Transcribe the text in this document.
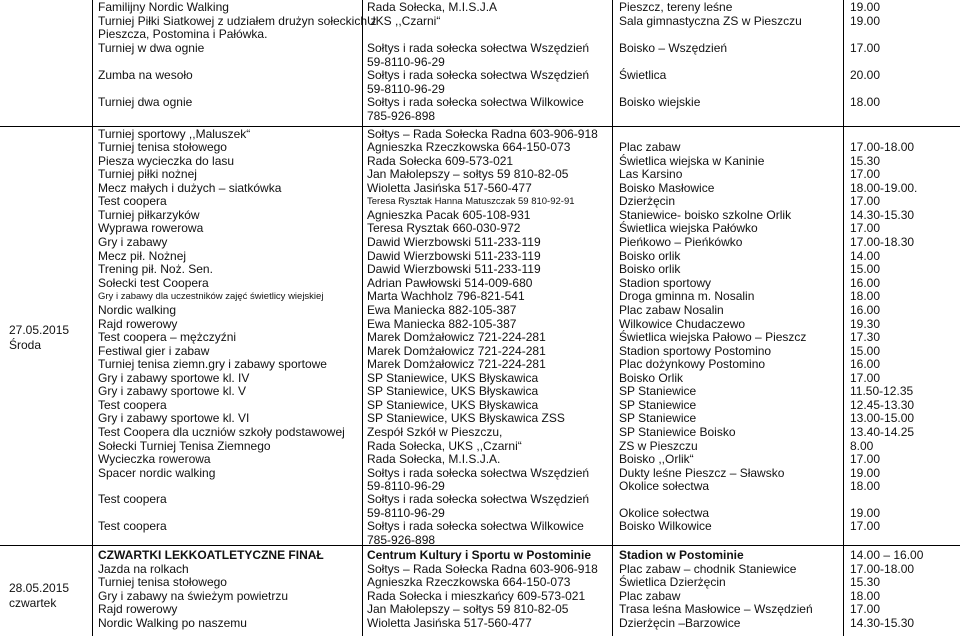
27.05.2015
Środa
28.05.2015
czwartek
Familijny Nordic Walking
Turniej Piłki Siatkowej z udziałem drużyn sołeckich z
Pieszcza, Postomina i Pałówka.
Turniej w dwa ognie
Zumba na wesoło
Turniej dwa ognie
Rada Sołecka, M.I.S.J.A
UKS ,,Czarni“
Sołtys i rada sołecka sołectwa Wszędzień
59-8110-96-29
Sołtys i rada sołecka sołectwa Wszędzień
59-8110-96-29
Sołtys i rada sołecka sołectwa Wilkowice
785-926-898
Pieszcz, tereny leśne
Sala gimnastyczna ZS w Pieszczu
Boisko – Wszędzień
Świetlica
Boisko wiejskie
19.00
19.00
17.00
20.00
18.00
Turniej sportowy ,,Maluszek“
Turniej tenisa stołowego
Piesza wycieczka do lasu
Turniej piłki nożnej
Mecz małych i dużych – siatkówka
Test coopera
Turniej piłkarzyków
Wyprawa rowerowa
Gry i zabawy
Mecz pił. Nożnej
Trening pił. Noż. Sen.
Sołecki test Coopera
Gry i zabawy dla uczestników zajęć świetlicy wiejskiej
Nordic walking
Rajd rowerowy
Test coopera – mężczyźni
Festiwal gier i zabaw
Turniej tenisa ziemn.gry i zabawy sportowe
Gry i zabawy sportowe kl. IV
Gry i zabawy sportowe kl. V
Test coopera
Gry i zabawy sportowe kl. VI
Test Coopera dla uczniów szkoły podstawowej
Sołecki Turniej Tenisa Ziemnego
Wycieczka rowerowa
Spacer nordic walking
Test coopera
Test coopera
Sołtys – Rada Sołecka Radna 603-906-918
Agnieszka Rzeczkowska 664-150-073
Rada Sołecka 609-573-021
Jan Małolepszy – sołtys 59 810-82-05
Wioletta Jasińska 517-560-477
Teresa Rysztak Hanna Matuszczak 59 810-92-91
Agnieszka Pacak 605-108-931
Teresa Rysztak 660-030-972
Dawid Wierzbowski 511-233-119
Dawid Wierzbowski 511-233-119
Dawid Wierzbowski 511-233-119
Adrian Pawłowski 514-009-680
Marta Wachholz 796-821-541
Ewa Maniecka 882-105-387
Ewa Maniecka 882-105-387
Marek Domżałowicz 721-224-281
Marek Domżałowicz 721-224-281
Marek Domżałowicz 721-224-281
SP Staniewice, UKS Błyskawica
SP Staniewice, UKS Błyskawica
SP Staniewice, UKS Błyskawica
SP Staniewice, UKS Błyskawica ZSS
Zespół Szkół w Pieszczu,
Rada Sołecka, UKS ,,Czarni“
Rada Sołecka, M.I.S.J.A.
Sołtys i rada sołecka sołectwa Wszędzień
59-8110-96-29
Sołtys i rada sołecka sołectwa Wszędzień
59-8110-96-29
Sołtys i rada sołecka sołectwa Wilkowice
785-926-898
Plac zabaw
Świetlica wiejska w Kaninie
Las Karsino
Boisko Masłowice
Dzierżęcin
Staniewice- boisko szkolne Orlik
Świetlica wiejska Pałówko
Pieńkowo – Pieńkówko
Boisko orlik
Boisko orlik
Stadion sportowy
Droga gminna m. Nosalin
Plac zabaw Nosalin
Wilkowice Chudaczewo
Świetlica wiejska Pałowo – Pieszcz
Stadion sportowy Postomino
Plac dożynkowy Postomino
Boisko Orlik
SP Staniewice
SP Staniewice
SP Staniewice
SP Staniewice Boisko
ZS w Pieszczu
Boisko ,,Orlik“
Dukty leśne Pieszcz – Sławsko
Okolice sołectwa
Okolice sołectwa
Boisko Wilkowice
17.00-18.00
15.30
17.00
18.00-19.00.
17.00
14.30-15.30
17.00
17.00-18.30
14.00
15.00
16.00
18.00
16.00
19.30
17.30
15.00
16.00
17.00
11.50-12.35
12.45-13.30
13.00-15.00
13.40-14.25
8.00
17.00
19.00
18.00
19.00
17.00
CZWARTKI LEKKOATLETYCZNE FINAŁ
Jazda na rolkach
Turniej tenisa stołowego
Gry i zabawy na świeżym powietrzu
Rajd rowerowy
Nordic Walking po naszemu
Centrum Kultury i Sportu w Postominie
Sołtys – Rada Sołecka Radna 603-906-918
Agnieszka Rzeczkowska 664-150-073
Rada Sołecka i mieszkańcy 609-573-021
Jan Małolepszy – sołtys 59 810-82-05
Wioletta Jasińska 517-560-477
Stadion w Postominie
Plac zabaw – chodnik Staniewice
Świetlica Dzierżęcin
Plac zabaw
Trasa leśna Masłowice – Wszędzień
Dzierżęcin –Barzowice
14.00 – 16.00
17.00-18.00
15.30
18.00
17.00
14.30-15.30
